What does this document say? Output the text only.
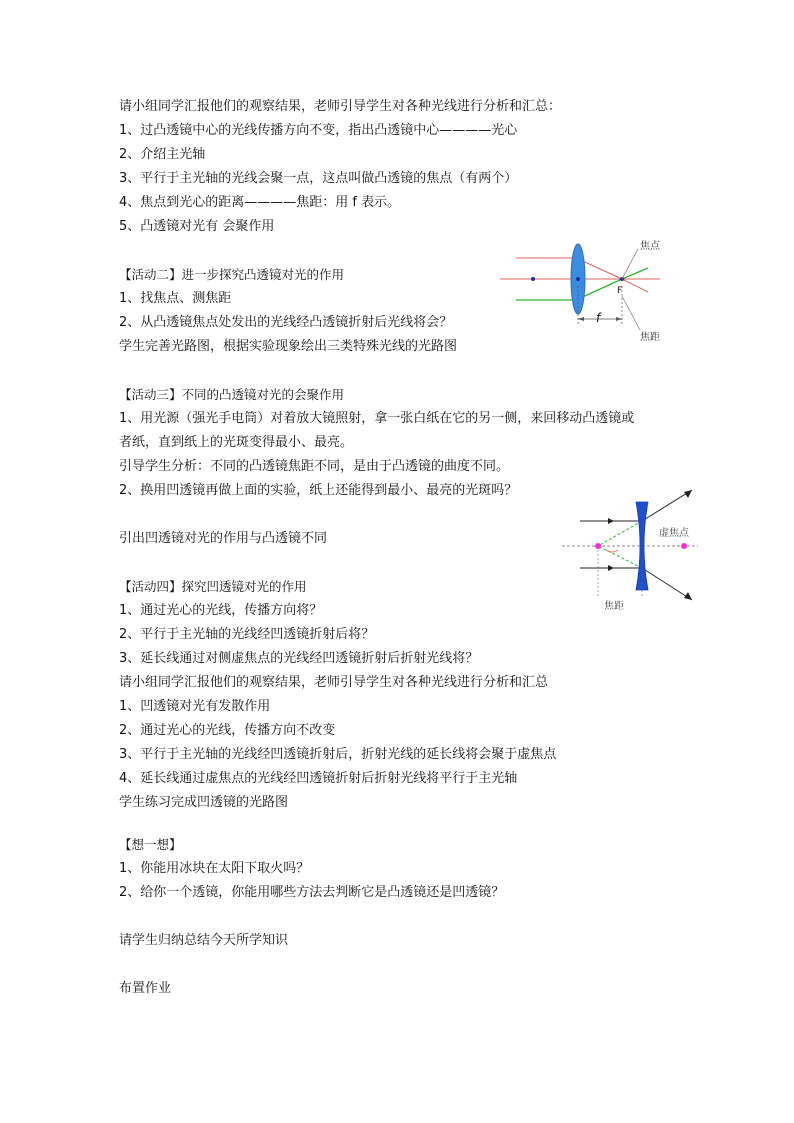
请小组同学汇报他们的观察结果，老师引导学生对各种光线进行分析和汇总：
1、过凸透镜中心的光线传播方向不变，指出凸透镜中心————光心
2、介绍主光轴
3、平行于主光轴的光线会聚一点，这点叫做凸透镜的焦点（有两个）
4、焦点到光心的距离————焦距：用 f 表示。
5、凸透镜对光有 会聚作用
【活动二】进一步探究凸透镜对光的作用
1、找焦点、测焦距
2、从凸透镜焦点处发出的光线经凸透镜折射后光线将会？
学生完善光路图，根据实验现象绘出三类特殊光线的光路图
焦点
F
f
焦距
【活动三】不同的凸透镜对光的会聚作用
1、用光源（强光手电筒）对着放大镜照射，拿一张白纸在它的另一侧，来回移动凸透镜或
者纸，直到纸上的光斑变得最小、最亮。
引导学生分析：不同的凸透镜焦距不同，是由于凸透镜的曲度不同。
2、换用凹透镜再做上面的实验，纸上还能得到最小、最亮的光斑吗？
引出凹透镜对光的作用与凸透镜不同	虚焦点
焦距
【活动四】探究凹透镜对光的作用
1、通过光心的光线，传播方向将？
2、平行于主光轴的光线经凹透镜折射后将？
3、延长线通过对侧虚焦点的光线经凹透镜折射后折射光线将？
请小组同学汇报他们的观察结果，老师引导学生对各种光线进行分析和汇总
1、凹透镜对光有发散作用
2、通过光心的光线，传播方向不改变
3、平行于主光轴的光线经凹透镜折射后，折射光线的延长线将会聚于虚焦点
4、延长线通过虚焦点的光线经凹透镜折射后折射光线将平行于主光轴
学生练习完成凹透镜的光路图
【想一想】
1、你能用冰块在太阳下取火吗？
2、给你一个透镜，你能用哪些方法去判断它是凸透镜还是凹透镜？
请学生归纳总结今天所学知识
布置作业
